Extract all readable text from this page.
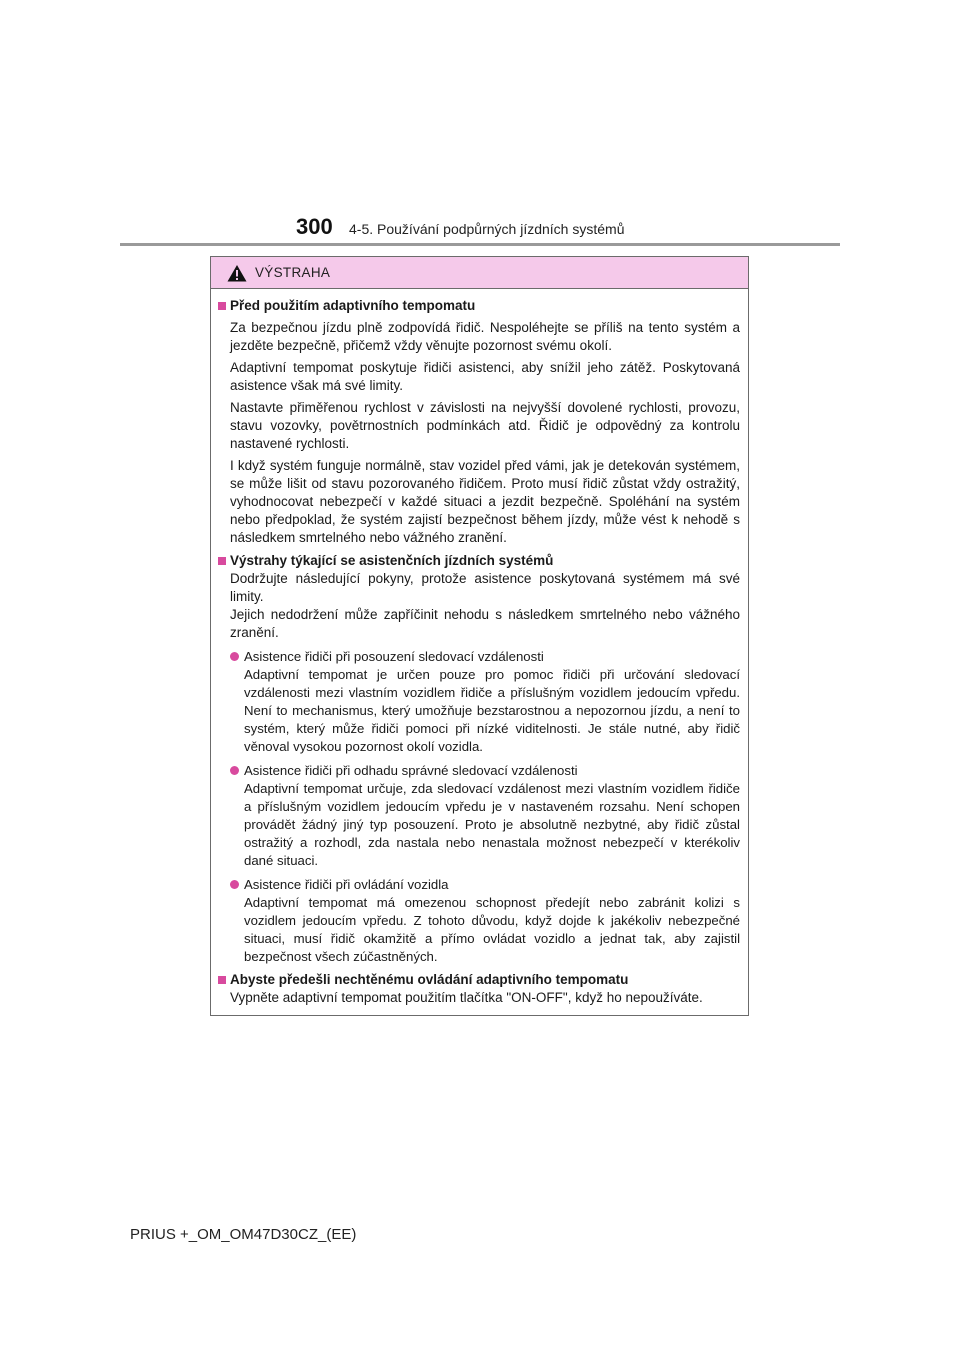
300 4-5. Používání podpůrných jízdních systémů
VÝSTRAHA
Před použitím adaptivního tempomatu
Za bezpečnou jízdu plně zodpovídá řidič. Nespoléhejte se příliš na tento systém a jezděte bezpečně, přičemž vždy věnujte pozornost svému okolí.
Adaptivní tempomat poskytuje řidiči asistenci, aby snížil jeho zátěž. Poskytovaná asistence však má své limity.
Nastavte přiměřenou rychlost v závislosti na nejvyšší dovolené rychlosti, provozu, stavu vozovky, povětrnostních podmínkách atd. Řidič je odpovědný za kontrolu nastavené rychlosti.
I když systém funguje normálně, stav vozidel před vámi, jak je detekován systémem, se může lišit od stavu pozorovaného řidičem. Proto musí řidič zůstat vždy ostražitý, vyhodnocovat nebezpečí v každé situaci a jezdit bezpečně. Spoléhání na systém nebo předpoklad, že systém zajistí bezpečnost během jízdy, může vést k nehodě s následkem smrtelného nebo vážného zranění.
Výstrahy týkající se asistenčních jízdních systémů
Dodržujte následující pokyny, protože asistence poskytovaná systémem má své limity.
Jejich nedodržení může zapříčinit nehodu s následkem smrtelného nebo vážného zranění.
Asistence řidiči při posouzení sledovací vzdálenosti
Adaptivní tempomat je určen pouze pro pomoc řidiči při určování sledovací vzdálenosti mezi vlastním vozidlem řidiče a příslušným vozidlem jedoucím vpředu. Není to mechanismus, který umožňuje bezstarostnou a nepozornou jízdu, a není to systém, který může řidiči pomoci při nízké viditelnosti. Je stále nutné, aby řidič věnoval vysokou pozornost okolí vozidla.
Asistence řidiči při odhadu správné sledovací vzdálenosti
Adaptivní tempomat určuje, zda sledovací vzdálenost mezi vlastním vozidlem řidiče a příslušným vozidlem jedoucím vpředu je v nastaveném rozsahu. Není schopen provádět žádný jiný typ posouzení. Proto je absolutně nezbytné, aby řidič zůstal ostražitý a rozhodl, zda nastala nebo nenastala možnost nebezpečí v kterékoliv dané situaci.
Asistence řidiči při ovládání vozidla
Adaptivní tempomat má omezenou schopnost předejít nebo zabránit kolizi s vozidlem jedoucím vpředu. Z tohoto důvodu, když dojde k jakékoliv nebezpečné situaci, musí řidič okamžitě a přímo ovládat vozidlo a jednat tak, aby zajistil bezpečnost všech zúčastněných.
Abyste předešli nechtěnému ovládání adaptivního tempomatu
Vypněte adaptivní tempomat použitím tlačítka "ON-OFF", když ho nepoužíváte.
PRIUS +_OM_OM47D30CZ_(EE)
